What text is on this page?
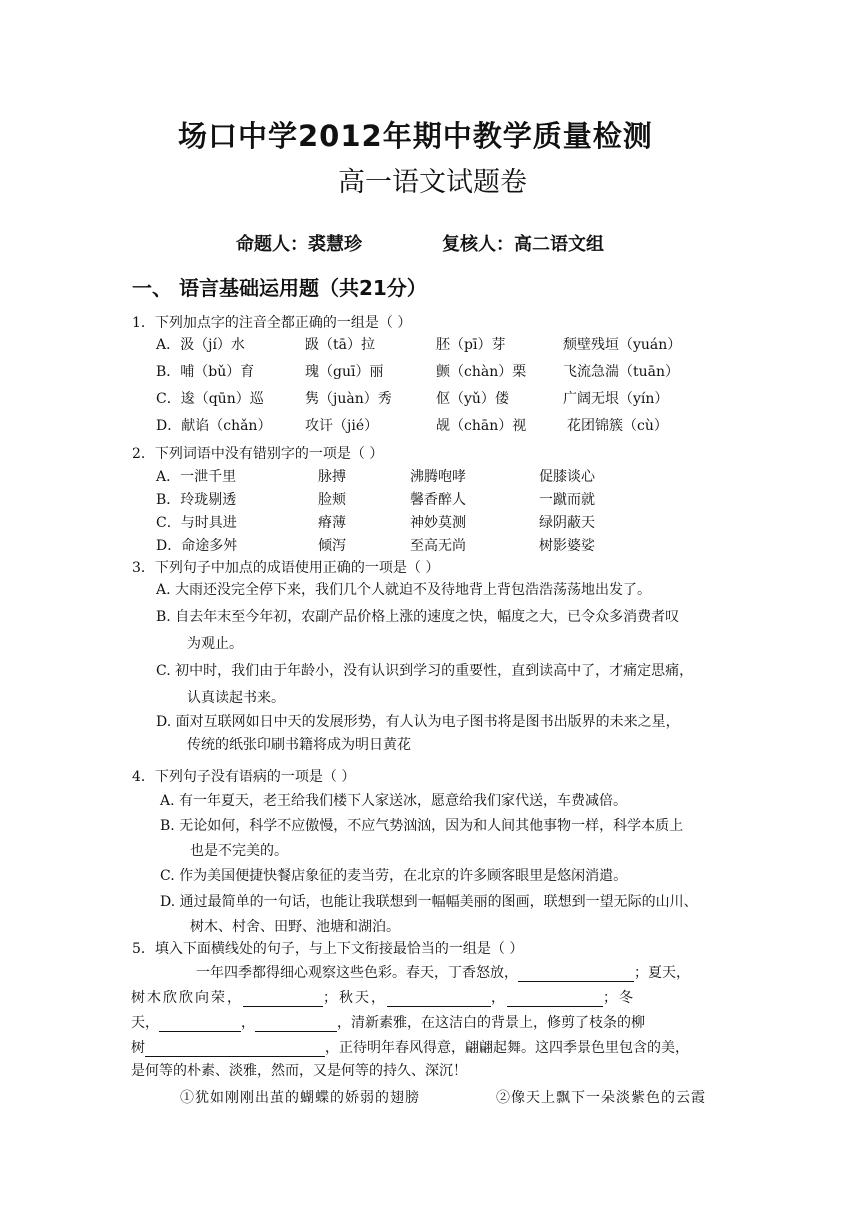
场口中学2012年期中教学质量检测
高一语文试题卷
命题人：裘慧珍	复核人：高二语文组
一、 语言基础运用题（共21分）
1．下列加点字的注音全都正确的一组是（ ）
A．汲（jí）水	趿（tā）拉	胚（pī）芽	颓壁残垣（yuán）
B．哺（bǔ）育	瑰（guī）丽	颤（chàn）栗	飞流急湍（tuān）
C．逡（qūn）巡	隽（juàn）秀	伛（yǔ）偻	广阔无垠（yín）
D．献谄（chǎn） 攻讦（jié）	觇（chān）视	花团锦簇（cù）
2．下列词语中没有错别字的一项是（ ）
A．一泄千里	脉搏	沸腾咆哮	促膝谈心
B．玲珑剔透	脸颊	馨香醉人	一蹴而就
C．与时具进	瘠薄	神妙莫测	绿阴蔽天
D．命途多舛	倾泻	至高无尚	树影婆娑
3．下列句子中加点的成语使用正确的一项是（ ）
A. 大雨还没完全停下来，我们几个人就迫不及待地背上背包浩浩荡荡地出发了。
B. 自去年末至今年初，农副产品价格上涨的速度之快，幅度之大，已令众多消费者叹
为观止。
C. 初中时，我们由于年龄小，没有认识到学习的重要性，直到读高中了，才痛定思痛，
认真读起书来。
D. 面对互联网如日中天的发展形势，有人认为电子图书将是图书出版界的未来之星，
传统的纸张印刷书籍将成为明日黄花
4．下列句子没有语病的一项是（ ）
A. 有一年夏天，老王给我们楼下人家送冰，愿意给我们家代送，车费减倍。
B. 无论如何，科学不应傲慢，不应气势汹汹，因为和人间其他事物一样，科学本质上
也是不完美的。
C. 作为美国便捷快餐店象征的麦当劳，在北京的许多顾客眼里是悠闲消遣。
D. 通过最简单的一句话，也能让我联想到一幅幅美丽的图画，联想到一望无际的山川、
树木、村舍、田野、池塘和湖泊。
5．填入下面横线处的句子，与上下文衔接最恰当的一组是（ ）
一年四季都得细心观察这些色彩。春天，丁香怒放，	；夏天，
树木欣欣向荣，	；秋天，	，	；冬
天，	，	，清新素雅，在这洁白的背景上，修剪了枝条的柳
树	，正待明年春风得意，翩翩起舞。这四季景色里包含的美，
是何等的朴素、淡雅，然而，又是何等的持久、深沉！
①犹如刚刚出茧的蝴蝶的娇弱的翅膀	②像天上飘下一朵淡紫色的云霞
